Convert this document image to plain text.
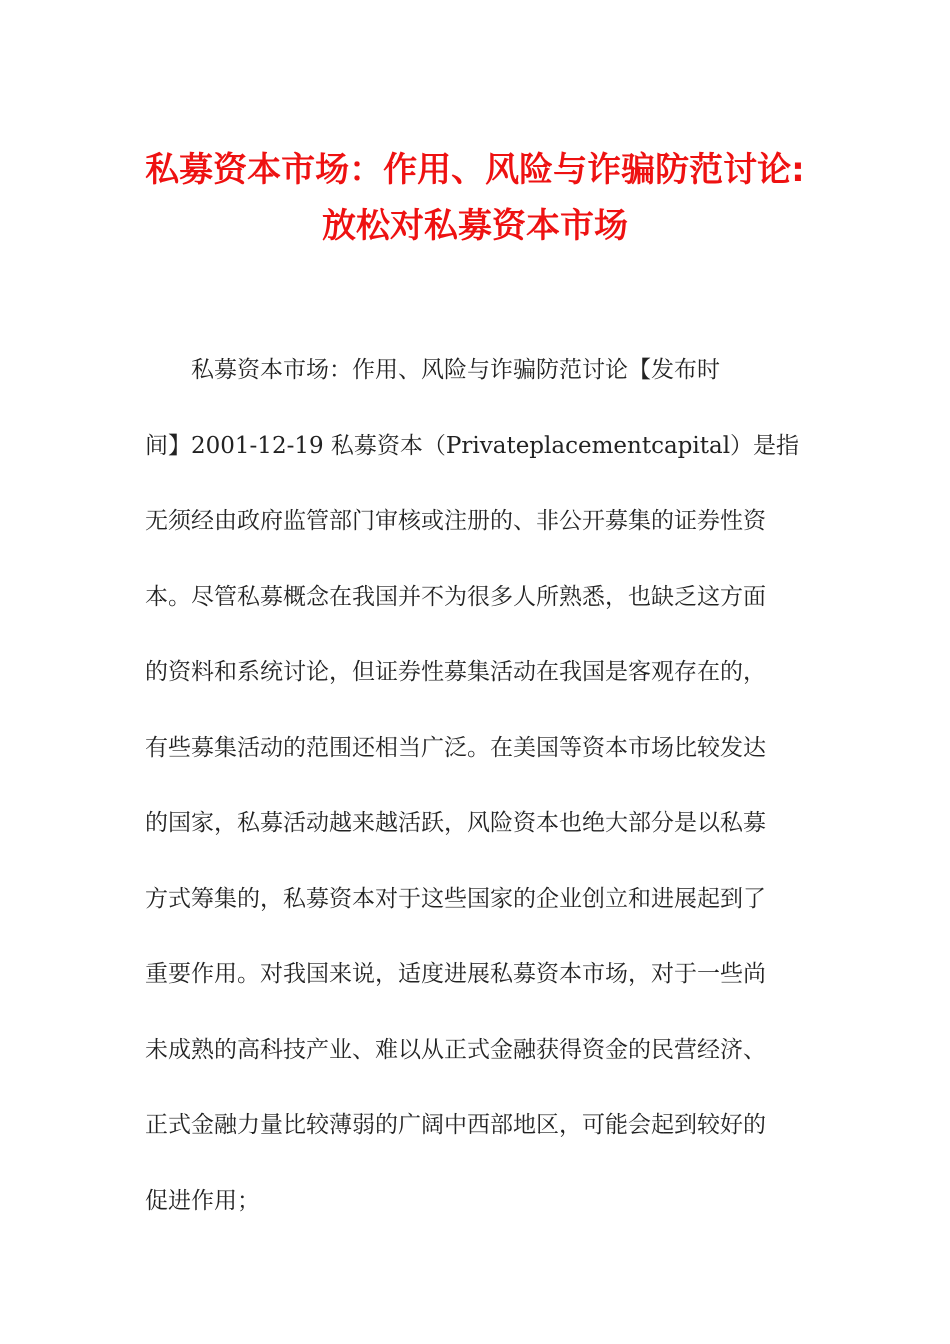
私募资本市场：作用、风险与诈骗防范讨论:
放松对私募资本市场
私募资本市场：作用、风险与诈骗防范讨论【发布时
间】2001-12-19 私募资本（Privateplacementcapital）是指
无须经由政府监管部门审核或注册的、非公开募集的证券性资
本。尽管私募概念在我国并不为很多人所熟悉，也缺乏这方面
的资料和系统讨论，但证券性募集活动在我国是客观存在的，
有些募集活动的范围还相当广泛。在美国等资本市场比较发达
的国家，私募活动越来越活跃，风险资本也绝大部分是以私募
方式筹集的，私募资本对于这些国家的企业创立和进展起到了
重要作用。对我国来说，适度进展私募资本市场，对于一些尚
未成熟的高科技产业、难以从正式金融获得资金的民营经济、
正式金融力量比较薄弱的广阔中西部地区，可能会起到较好的
促进作用；
